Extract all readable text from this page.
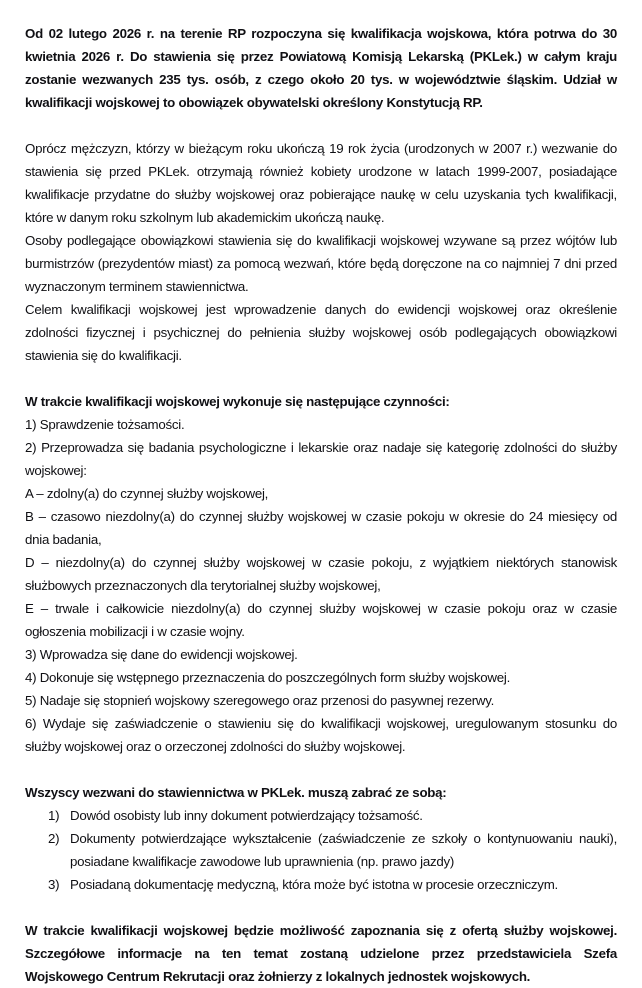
Od 02 lutego 2026 r. na terenie RP rozpoczyna się kwalifikacja wojskowa, która potrwa do 30 kwietnia 2026 r. Do stawienia się przez Powiatową Komisją Lekarską (PKLek.) w całym kraju zostanie wezwanych 235 tys. osób, z czego około 20 tys. w województwie śląskim. Udział w kwalifikacji wojskowej to obowiązek obywatelski określony Konstytucją RP.

Oprócz mężczyzn, którzy w bieżącym roku ukończą 19 rok życia (urodzonych w 2007 r.) wezwanie do stawienia się przed PKLek. otrzymają również kobiety urodzone w latach 1999-2007, posiadające kwalifikacje przydatne do służby wojskowej oraz pobierające naukę w celu uzyskania tych kwalifikacji, które w danym roku szkolnym lub akademickim ukończą naukę.

Osoby podlegające obowiązkowi stawienia się do kwalifikacji wojskowej wzywane są przez wójtów lub burmistrzów (prezydentów miast) za pomocą wezwań, które będą doręczone na co najmniej 7 dni przed wyznaczonym terminem stawiennictwa.

Celem kwalifikacji wojskowej jest wprowadzenie danych do ewidencji wojskowej oraz określenie zdolności fizycznej i psychicznej do pełnienia służby wojskowej osób podlegających obowiązkowi stawienia się do kwalifikacji.

W trakcie kwalifikacji wojskowej wykonuje się następujące czynności:

1) Sprawdzenie tożsamości.

2) Przeprowadza się badania psychologiczne i lekarskie oraz nadaje się kategorię zdolności do służby wojskowej:

A – zdolny(a) do czynnej służby wojskowej,

B – czasowo niezdolny(a) do czynnej służby wojskowej w czasie pokoju w okresie do 24 miesięcy od dnia badania,

D – niezdolny(a) do czynnej służby wojskowej w czasie pokoju, z wyjątkiem niektórych stanowisk służbowych przeznaczonych dla terytorialnej służby wojskowej,

E – trwale i całkowicie niezdolny(a) do czynnej służby wojskowej w czasie pokoju oraz w czasie ogłoszenia mobilizacji i w czasie wojny.

3) Wprowadza się dane do ewidencji wojskowej.

4) Dokonuje się wstępnego przeznaczenia do poszczególnych form służby wojskowej.

5) Nadaje się stopnień wojskowy szeregowego oraz przenosi do pasywnej rezerwy.

6) Wydaje się zaświadczenie o stawieniu się do kwalifikacji wojskowej, uregulowanym stosunku do służby wojskowej oraz o orzeczonej zdolności do służby wojskowej.

Wszyscy wezwani do stawiennictwa w PKLek. muszą zabrać ze sobą:

1) Dowód osobisty lub inny dokument potwierdzający tożsamość.
2) Dokumenty potwierdzające wykształcenie (zaświadczenie ze szkoły o kontynuowaniu nauki), posiadane kwalifikacje zawodowe lub uprawnienia (np. prawo jazdy)
3) Posiadaną dokumentację medyczną, która może być istotna w procesie orzeczniczym.

W trakcie kwalifikacji wojskowej będzie możliwość zapoznania się z ofertą służby wojskowej. Szczegółowe informacje na ten temat zostaną udzielone przez przedstawiciela Szefa Wojskowego Centrum Rekrutacji oraz żołnierzy z lokalnych jednostek wojskowych.
